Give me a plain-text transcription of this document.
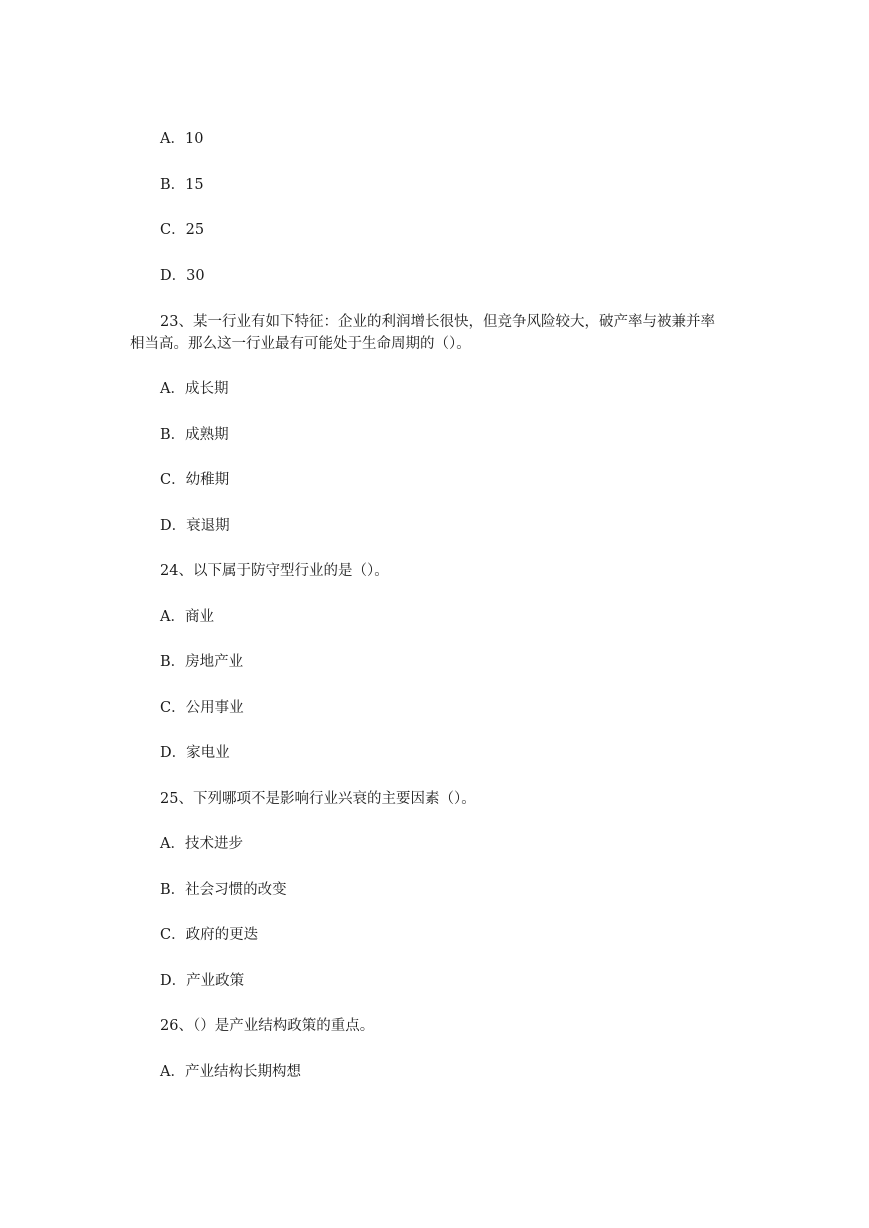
A．10
B．15
C．25
D．30
23、某一行业有如下特征：企业的利润增长很快，但竞争风险较大，破产率与被兼并率
相当高。那么这一行业最有可能处于生命周期的（）。
A．成长期
B．成熟期
C．幼稚期
D．衰退期
24、以下属于防守型行业的是（）。
A．商业
B．房地产业
C．公用事业
D．家电业
25、下列哪项不是影响行业兴衰的主要因素（）。
A．技术进步
B．社会习惯的改变
C．政府的更迭
D．产业政策
26、（）是产业结构政策的重点。
A．产业结构长期构想
